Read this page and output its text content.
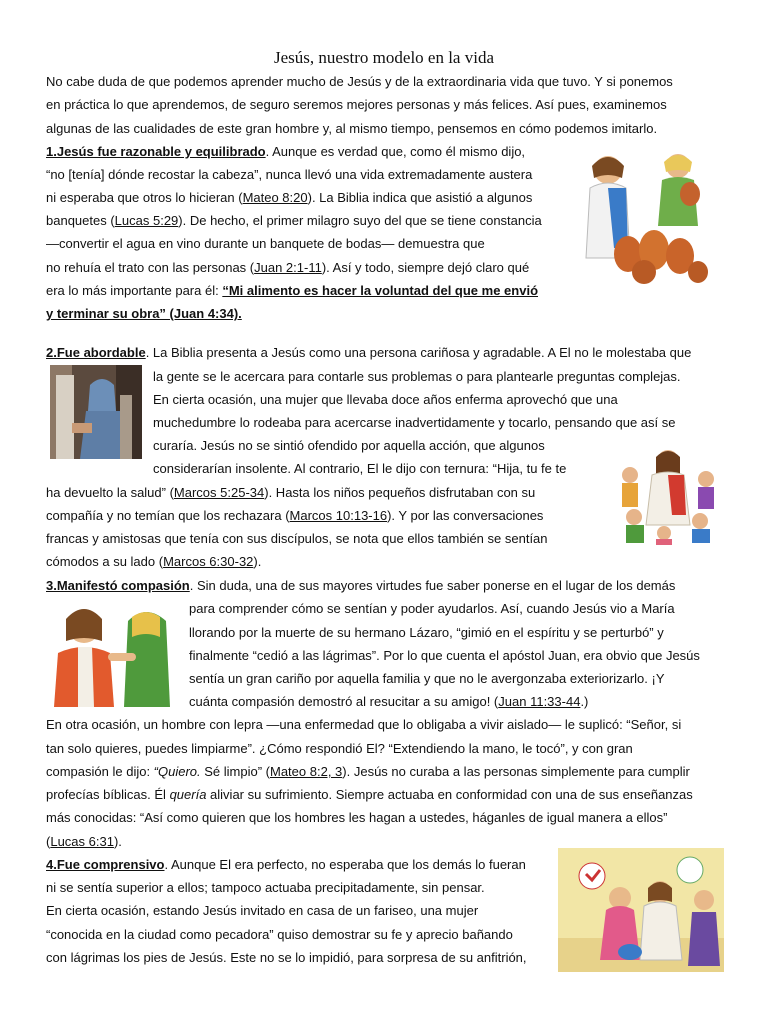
Jesús, nuestro modelo en la vida
No cabe duda de que podemos aprender mucho de Jesús y de la extraordinaria vida que tuvo. Y si ponemos
en práctica lo que aprendemos, de seguro seremos mejores personas y más felices. Así pues, examinemos
algunas de las cualidades de este gran hombre y, al mismo tiempo, pensemos en cómo podemos imitarlo.
1.Jesús fue razonable y equilibrado. Aunque es verdad que, como él mismo dijo,
“no [tenía] dónde recostar la cabeza”, nunca llevó una vida extremadamente austera
ni esperaba que otros lo hicieran (Mateo 8:20). La Biblia indica que asistió a algunos
banquetes (Lucas 5:29). De hecho, el primer milagro suyo del que se tiene constancia
—convertir el agua en vino durante un banquete de bodas— demuestra que
no rehuía el trato con las personas (Juan 2:1-11). Así y todo, siempre dejó claro qué
era lo más importante para él: “Mi alimento es hacer la voluntad del que me envió
y terminar su obra” (Juan 4:34).
2.Fue abordable. La Biblia presenta a Jesús como una persona cariñosa y agradable. A El no le molestaba que
la gente se le acercara para contarle sus problemas o para plantearle preguntas complejas.
En cierta ocasión, una mujer que llevaba doce años enferma aprovechó que una
muchedumbre lo rodeaba para acercarse inadvertidamente y tocarlo, pensando que así se
curaría. Jesús no se sintió ofendido por aquella acción, que algunos
considerarían insolente. Al contrario, El le dijo con ternura: “Hija, tu fe te
ha devuelto la salud” (Marcos 5:25-34). Hasta los niños pequeños disfrutaban con su
compañía y no temían que los rechazara (Marcos 10:13-16). Y por las conversaciones
francas y amistosas que tenía con sus discípulos, se nota que ellos también se sentían
cómodos a su lado (Marcos 6:30-32).
3.Manifestó compasión. Sin duda, una de sus mayores virtudes fue saber ponerse en el lugar de los demás
para comprender cómo se sentían y poder ayudarlos. Así, cuando Jesús vio a María
llorando por la muerte de su hermano Lázaro, “gimió en el espíritu y se perturbó” y
finalmente “cedió a las lágrimas”. Por lo que cuenta el apóstol Juan, era obvio que Jesús
sentía un gran cariño por aquella familia y que no le avergonzaba exteriorizarlo. ¡Y
cuánta compasión demostró al resucitar a su amigo! (Juan 11:33-44.)
En otra ocasión, un hombre con lepra —una enfermedad que lo obligaba a vivir aislado— le suplicó: “Señor, si
tan solo quieres, puedes limpiarme”. ¿Cómo respondió El? “Extendiendo la mano, le tocó”, y con gran
compasión le dijo: “Quiero. Sé limpio” (Mateo 8:2, 3). Jesús no curaba a las personas simplemente para cumplir
profecías bíblicas. Él quería aliviar su sufrimiento. Siempre actuaba en conformidad con una de sus enseñanzas
más conocidas: “Así como quieren que los hombres les hagan a ustedes, háganles de igual manera a ellos”
(Lucas 6:31).
4.Fue comprensivo. Aunque El era perfecto, no esperaba que los demás lo fueran
ni se sentía superior a ellos; tampoco actuaba precipitadamente, sin pensar.
En cierta ocasión, estando Jesús invitado en casa de un fariseo, una mujer
“conocida en la ciudad como pecadora” quiso demostrar su fe y aprecio bañando
con lágrimas los pies de Jesús. Este no se lo impidió, para sorpresa de su anfitrión,
